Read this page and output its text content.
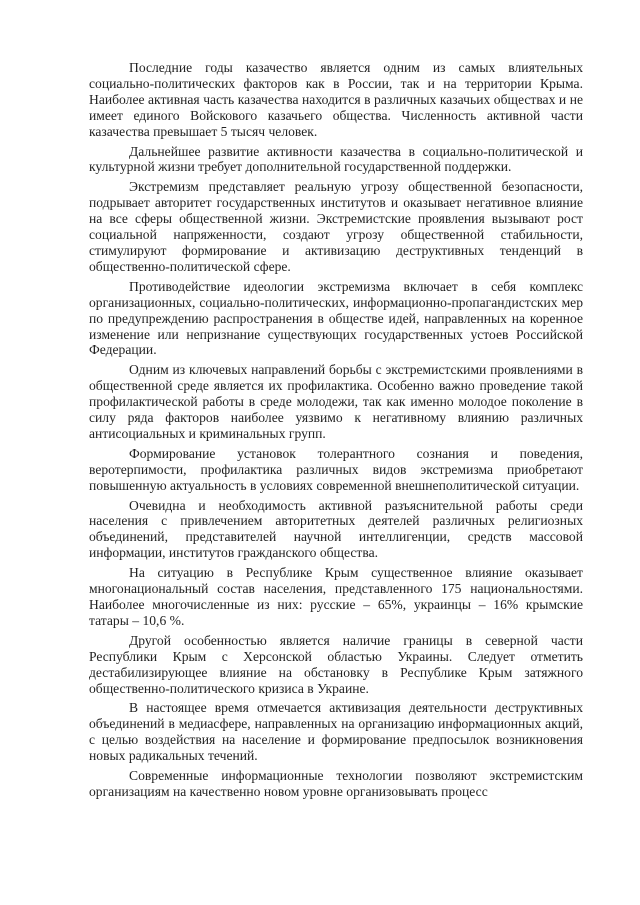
Последние годы казачество является одним из самых влиятельных социально-политических факторов как в России, так и на территории Крыма. Наиболее активная часть казачества находится в различных казачьих обществах и не имеет единого Войскового казачьего общества. Численность активной части казачества превышает 5 тысяч человек.

Дальнейшее развитие активности казачества в социально-политической и культурной жизни требует дополнительной государственной поддержки.

Экстремизм представляет реальную угрозу общественной безопасности, подрывает авторитет государственных институтов и оказывает негативное влияние на все сферы общественной жизни. Экстремистские проявления вызывают рост социальной напряженности, создают угрозу общественной стабильности, стимулируют формирование и активизацию деструктивных тенденций в общественно-политической сфере.

Противодействие идеологии экстремизма включает в себя комплекс организационных, социально-политических, информационно-пропагандистских мер по предупреждению распространения в обществе идей, направленных на коренное изменение или непризнание существующих государственных устоев Российской Федерации.

Одним из ключевых направлений борьбы с экстремистскими проявлениями в общественной среде является их профилактика. Особенно важно проведение такой профилактической работы в среде молодежи, так как именно молодое поколение в силу ряда факторов наиболее уязвимо к негативному влиянию различных антисоциальных и криминальных групп.

Формирование установок толерантного сознания и поведения, веротерпимости, профилактика различных видов экстремизма приобретают повышенную актуальность в условиях современной внешнеполитической ситуации.

Очевидна и необходимость активной разъяснительной работы среди населения с привлечением авторитетных деятелей различных религиозных объединений, представителей научной интеллигенции, средств массовой информации, институтов гражданского общества.

На ситуацию в Республике Крым существенное влияние оказывает многонациональный состав населения, представленного 175 национальностями. Наиболее многочисленные из них: русские – 65%, украинцы – 16% крымские татары – 10,6 %.

Другой особенностью является наличие границы в северной части Республики Крым с Херсонской областью Украины. Следует отметить дестабилизирующее влияние на обстановку в Республике Крым затяжного общественно-политического кризиса в Украине.

В настоящее время отмечается активизация деятельности деструктивных объединений в медиасфере, направленных на организацию информационных акций, с целью воздействия на население и формирование предпосылок возникновения новых радикальных течений.

Современные информационные технологии позволяют экстремистским организациям на качественно новом уровне организовывать процесс
